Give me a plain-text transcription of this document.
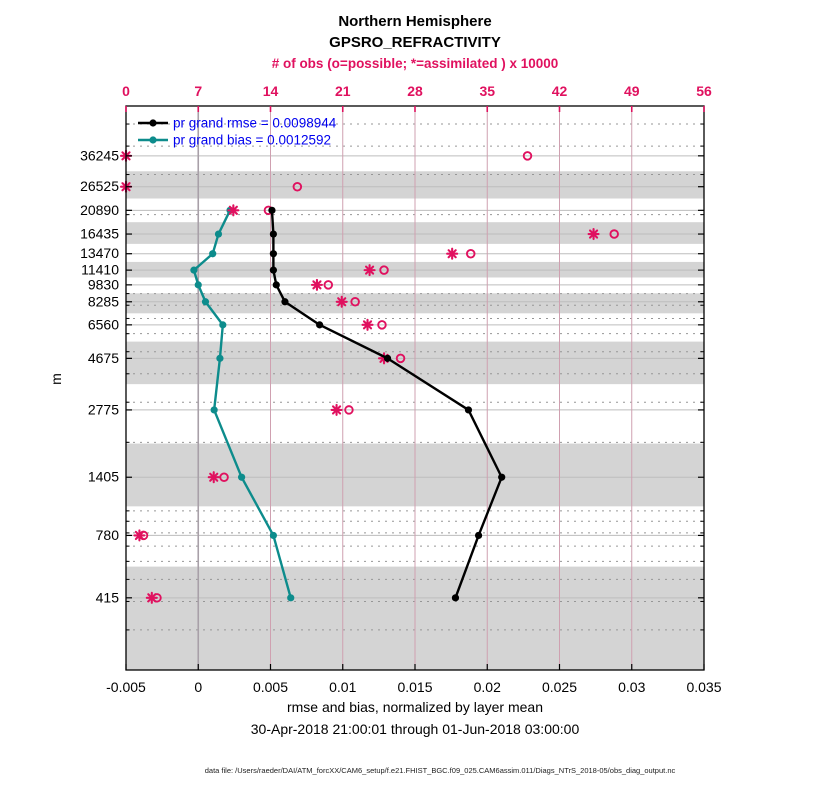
Northern Hemisphere
GPSRO_REFRACTIVITY
# of obs (o=possible; *=assimilated ) x 10000
m
pr grand rmse = 0.0098944
pr grand bias = 0.0012592
0	7	14	21	28	35	42	49	56
-0.005	0	0.005	0.01	0.015	0.02	0.025	0.03	0.035
36245
26525
20890
16435
13470
11410
9830
8285
6560
4675
2775
1405
780
415
rmse and bias, normalized by layer mean
30-Apr-2018 21:00:01 through 01-Jun-2018 03:00:00
data file: /Users/raeder/DAI/ATM_forcXX/CAM6_setup/f.e21.FHIST_BGC.f09_025.CAM6assim.011/Diags_NTrS_2018-05/obs_diag_output.nc
